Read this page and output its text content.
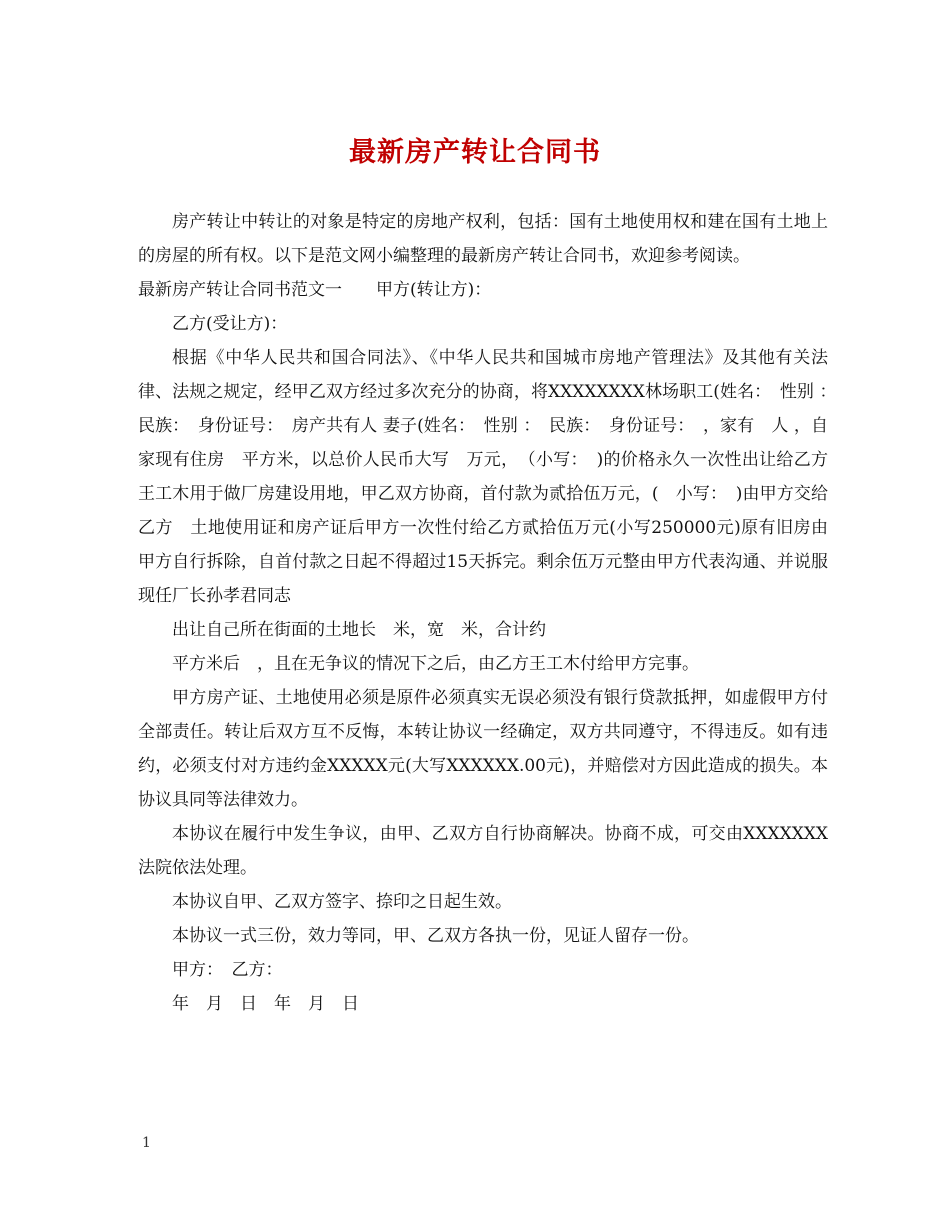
最新房产转让合同书

房产转让中转让的对象是特定的房地产权利，包括：国有土地使用权和建在国有土地上的房屋的所有权。以下是范文网小编整理的最新房产转让合同书，欢迎参考阅读。

最新房产转让合同书范文一　　甲方(转让方)：

乙方(受让方)：

根据《中华人民共和国合同法》、《中华人民共和国城市房地产管理法》及其他有关法律、法规之规定，经甲乙双方经过多次充分的协商，将XXXXXXXX林场职工(姓名：　性别 ：　民族：　身份证号：　房产共有人 妻子(姓名：　性别 ：　民族：　身份证号：　，家有　人 ，自家现有住房　平方米，以总价人民币大写　万元，　（小写：　)的价格永久一次性出让给乙方王工木用于做厂房建设用地，甲乙双方协商，首付款为贰拾伍万元，(　小写：　)由甲方交给乙方　土地使用证和房产证后甲方一次性付给乙方贰拾伍万元(小写250000元)原有旧房由甲方自行拆除，自首付款之日起不得超过15天拆完。剩余伍万元整由甲方代表沟通、并说服现任厂长孙孝君同志

出让自己所在街面的土地长　米，宽　米，合计约

平方米后　，且在无争议的情况下之后，由乙方王工木付给甲方完事。

甲方房产证、土地使用必须是原件必须真实无误必须没有银行贷款抵押，如虚假甲方付全部责任。转让后双方互不反悔，本转让协议一经确定，双方共同遵守，不得违反。如有违约，必须支付对方违约金XXXXX元(大写XXXXXX.00元)，并赔偿对方因此造成的损失。本协议具同等法律效力。

本协议在履行中发生争议，由甲、乙双方自行协商解决。协商不成，可交由XXXXXXX法院依法处理。

本协议自甲、乙双方签字、捺印之日起生效。

本协议一式三份，效力等同，甲、乙双方各执一份，见证人留存一份。

甲方：　乙方：

年　月　日　年　月　日

1
